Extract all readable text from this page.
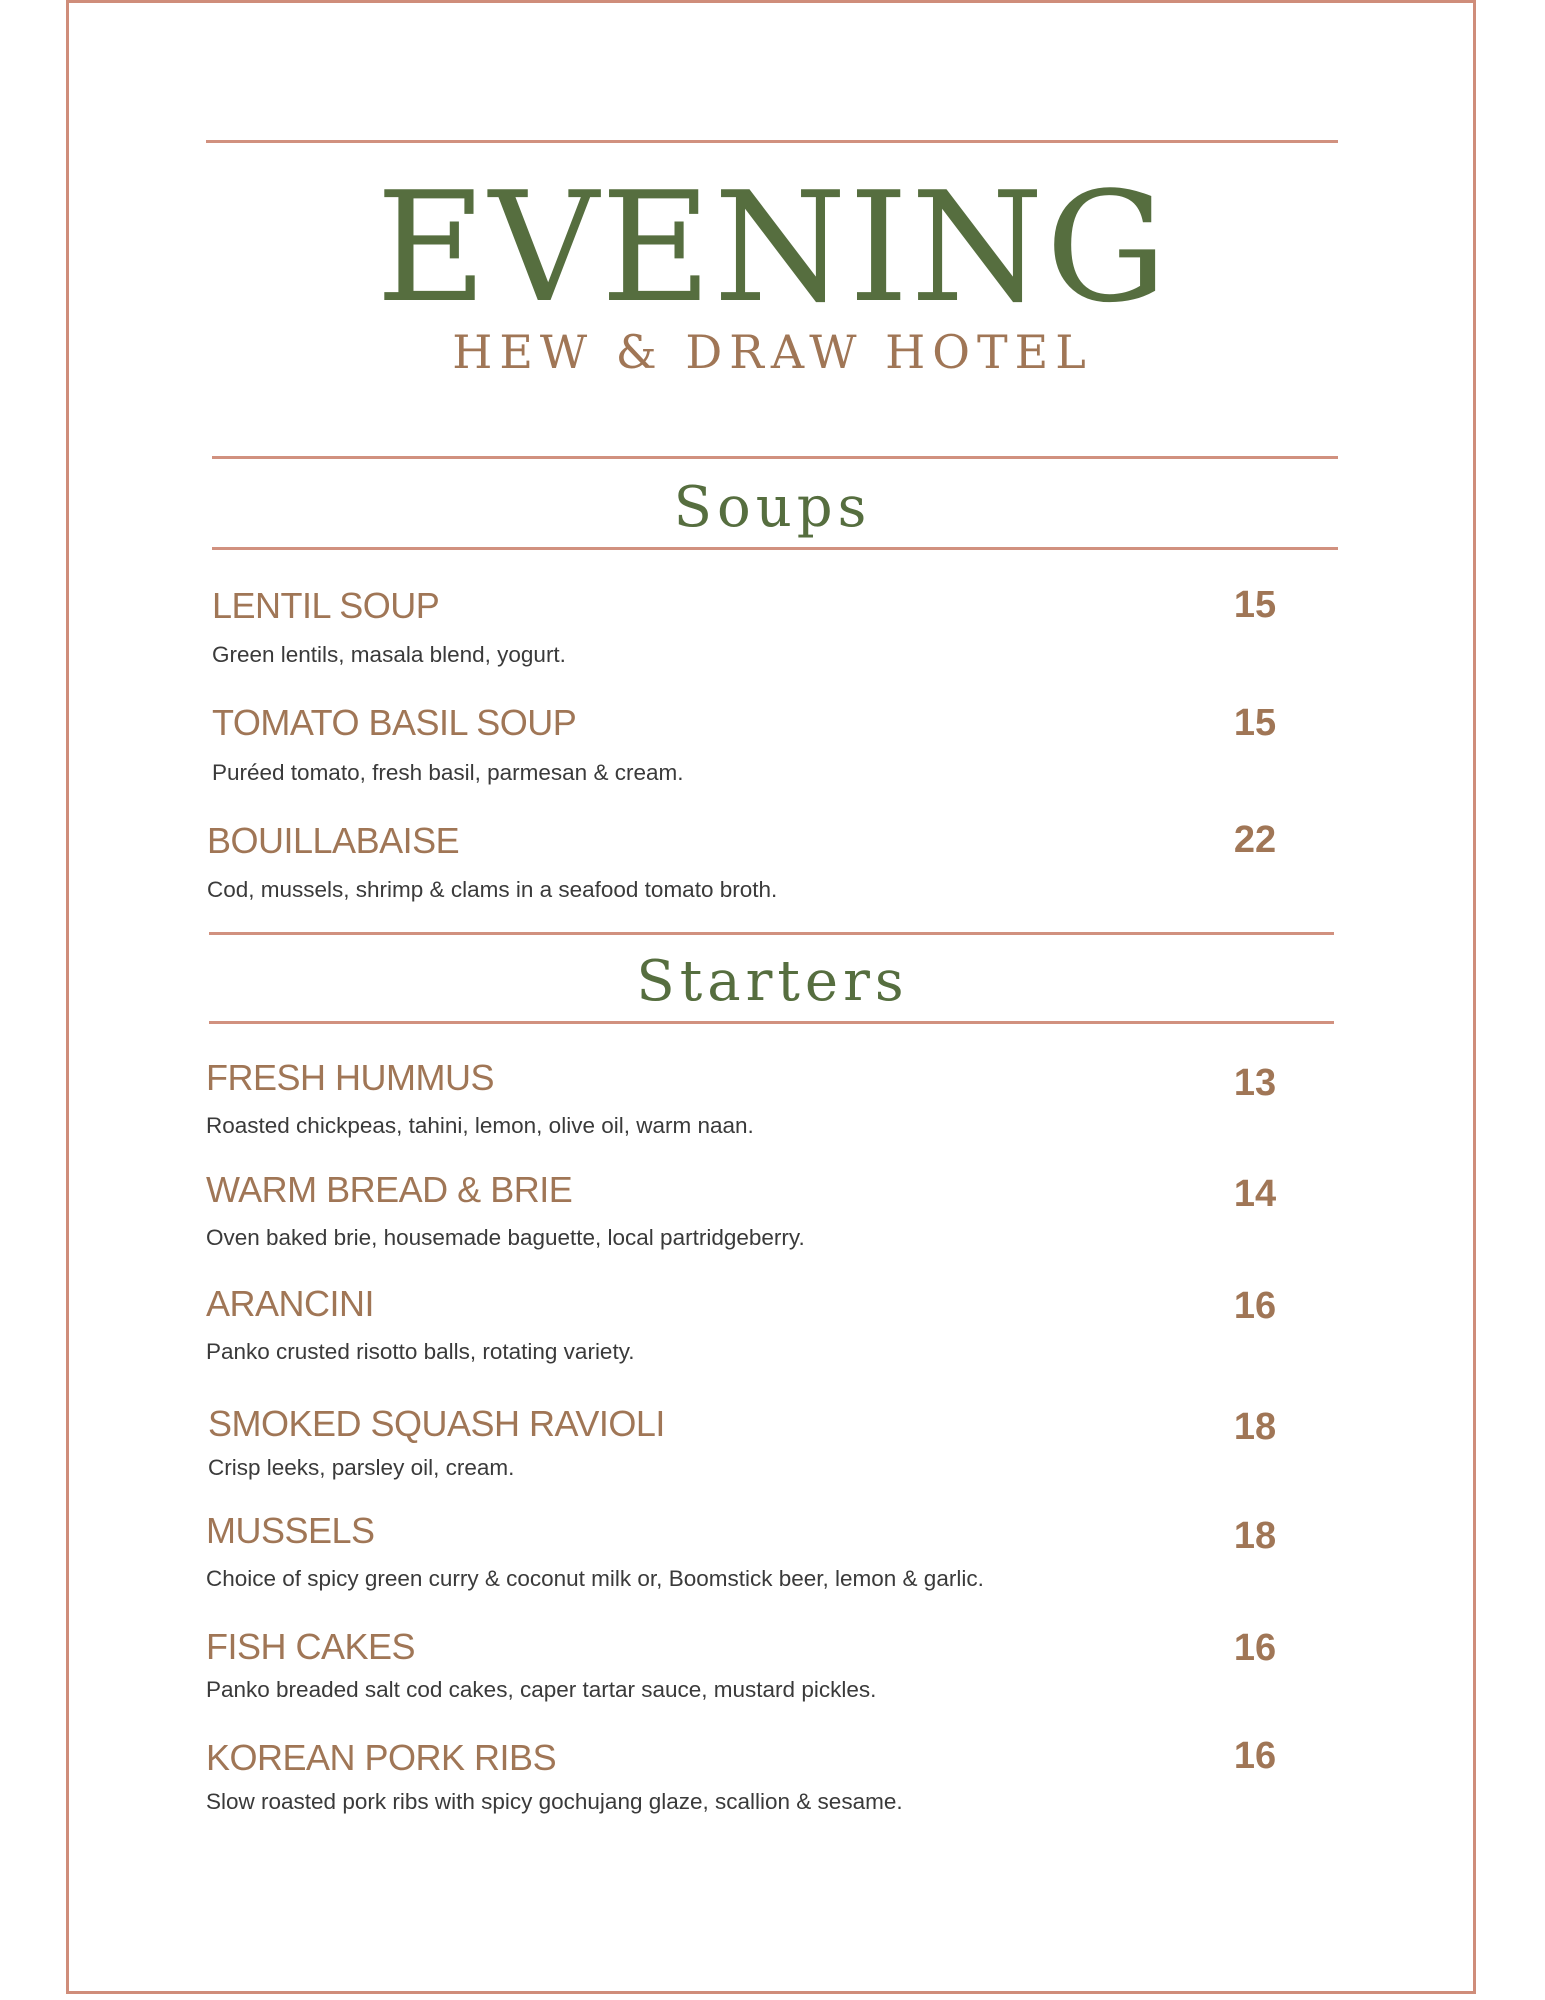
EVENING
HEW & DRAW HOTEL
Soups
LENTIL SOUP	15
Green lentils, masala blend, yogurt.
TOMATO BASIL SOUP	15
Puréed tomato, fresh basil, parmesan & cream.
BOUILLABAISE	22
Cod, mussels, shrimp & clams in a seafood tomato broth.
Starters
FRESH HUMMUS	13
Roasted chickpeas, tahini, lemon, olive oil, warm naan.
WARM BREAD & BRIE	14
Oven baked brie, housemade baguette, local partridgeberry.
ARANCINI	16
Panko crusted risotto balls, rotating variety.
SMOKED SQUASH RAVIOLI	18
Crisp leeks, parsley oil, cream.
MUSSELS	18
Choice of spicy green curry & coconut milk or, Boomstick beer, lemon & garlic.
FISH CAKES	16
Panko breaded salt cod cakes, caper tartar sauce, mustard pickles.
KOREAN PORK RIBS	16
Slow roasted pork ribs with spicy gochujang glaze, scallion & sesame.
